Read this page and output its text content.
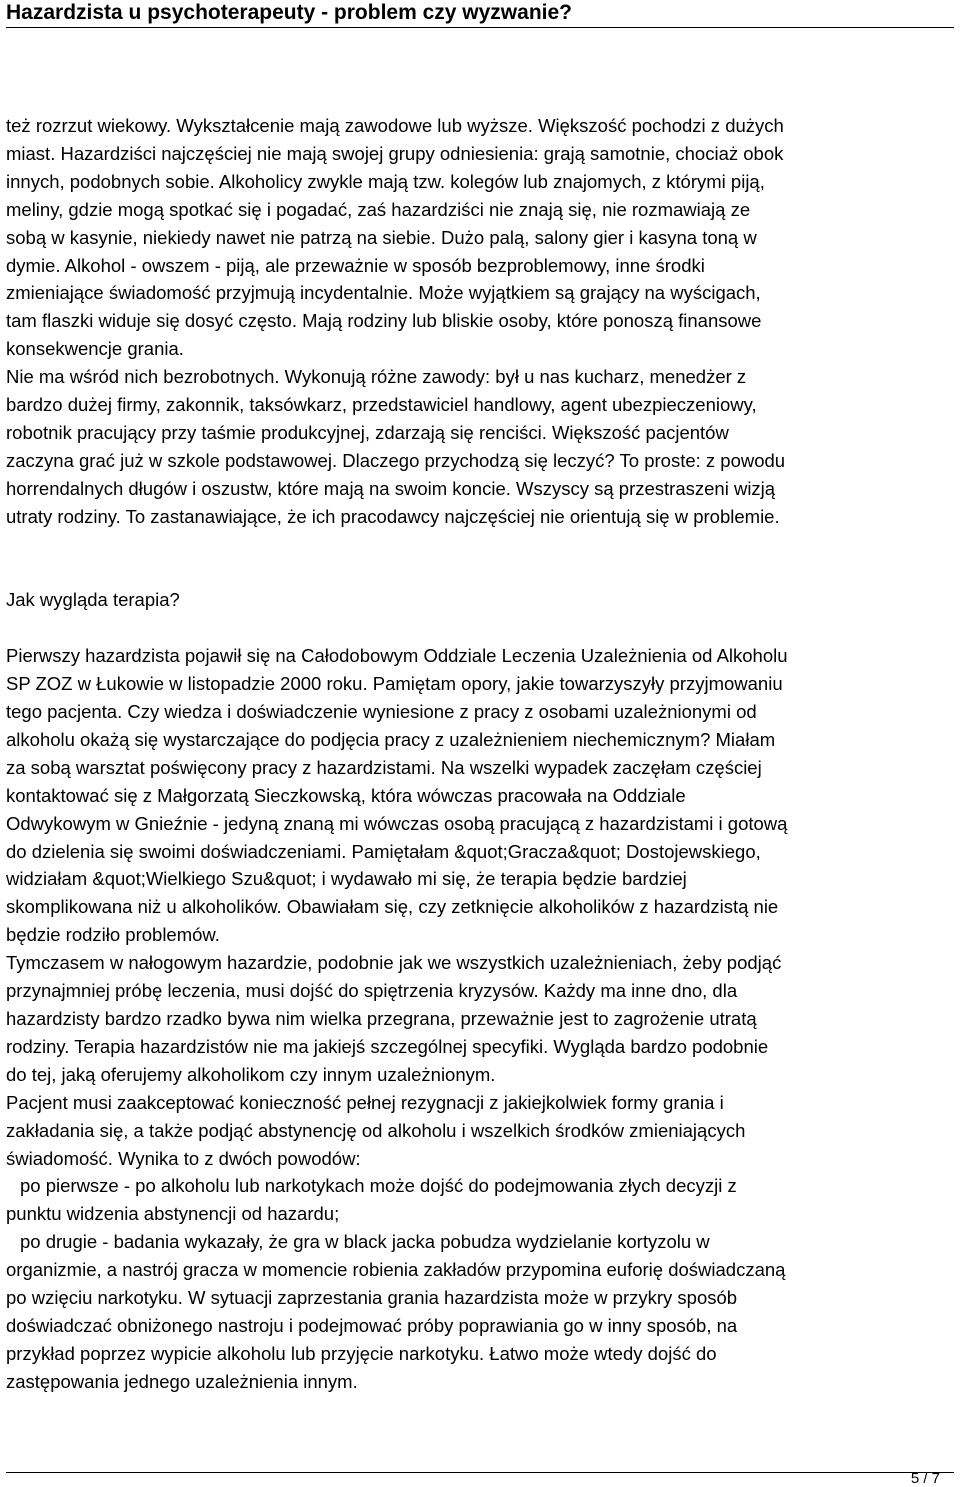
Hazardzista u psychoterapeuty - problem czy wyzwanie?

też rozrzut wiekowy. Wykształcenie mają zawodowe lub wyższe. Większość pochodzi z dużych

miast. Hazardziści najczęściej nie mają swojej grupy odniesienia: grają samotnie, chociaż obok

innych, podobnych sobie. Alkoholicy zwykle mają tzw. kolegów lub znajomych, z którymi piją,

meliny, gdzie mogą spotkać się i pogadać, zaś hazardziści nie znają się, nie rozmawiają ze

sobą w kasynie, niekiedy nawet nie patrzą na siebie. Dużo palą, salony gier i kasyna toną w

dymie. Alkohol - owszem - piją, ale przeważnie w sposób bezproblemowy, inne środki

zmieniające świadomość przyjmują incydentalnie. Może wyjątkiem są grający na wyścigach,

tam flaszki widuje się dosyć często. Mają rodziny lub bliskie osoby, które ponoszą finansowe

konsekwencje grania.

Nie ma wśród nich bezrobotnych. Wykonują różne zawody: był u nas kucharz, menedżer z

bardzo dużej firmy, zakonnik, taksówkarz, przedstawiciel handlowy, agent ubezpieczeniowy,

robotnik pracujący przy taśmie produkcyjnej, zdarzają się renciści. Większość pacjentów

zaczyna grać już w szkole podstawowej. Dlaczego przychodzą się leczyć? To proste: z powodu

horrendalnych długów i oszustw, które mają na swoim koncie. Wszyscy są przestraszeni wizją

utraty rodziny. To zastanawiające, że ich pracodawcy najczęściej nie orientują się w problemie.

Jak wygląda terapia?

Pierwszy hazardzista pojawił się na Całodobowym Oddziale Leczenia Uzależnienia od Alkoholu

SP ZOZ w Łukowie w listopadzie 2000 roku. Pamiętam opory, jakie towarzyszyły przyjmowaniu

tego pacjenta. Czy wiedza i doświadczenie wyniesione z pracy z osobami uzależnionymi od

alkoholu okażą się wystarczające do podjęcia pracy z uzależnieniem niechemicznym? Miałam

za sobą warsztat poświęcony pracy z hazardzistami. Na wszelki wypadek zaczęłam częściej

kontaktować się z Małgorzatą Sieczkowską, która wówczas pracowała na Oddziale

Odwykowym w Gnieźnie - jedyną znaną mi wówczas osobą pracującą z hazardzistami i gotową

do dzielenia się swoimi doświadczeniami. Pamiętałam &quot;Gracza&quot; Dostojewskiego,

widziałam &quot;Wielkiego Szu&quot; i wydawało mi się, że terapia będzie bardziej

skomplikowana niż u alkoholików. Obawiałam się, czy zetknięcie alkoholików z hazardzistą nie

będzie rodziło problemów.

Tymczasem w nałogowym hazardzie, podobnie jak we wszystkich uzależnieniach, żeby podjąć

przynajmniej próbę leczenia, musi dojść do spiętrzenia kryzysów. Każdy ma inne dno, dla

hazardzisty bardzo rzadko bywa nim wielka przegrana, przeważnie jest to zagrożenie utratą

rodziny. Terapia hazardzistów nie ma jakiejś szczególnej specyfiki. Wygląda bardzo podobnie

do tej, jaką oferujemy alkoholikom czy innym uzależnionym.

Pacjent musi zaakceptować konieczność pełnej rezygnacji z jakiejkolwiek formy grania i

zakładania się, a także podjąć abstynencję od alkoholu i wszelkich środków zmieniających

świadomość. Wynika to z dwóch powodów:

po pierwsze - po alkoholu lub narkotykach może dojść do podejmowania złych decyzji z

punktu widzenia abstynencji od hazardu;

po drugie - badania wykazały, że gra w black jacka pobudza wydzielanie kortyzolu w

organizmie, a nastrój gracza w momencie robienia zakładów przypomina euforię doświadczaną

po wzięciu narkotyku. W sytuacji zaprzestania grania hazardzista może w przykry sposób

doświadczać obniżonego nastroju i podejmować próby poprawiania go w inny sposób, na

przykład poprzez wypicie alkoholu lub przyjęcie narkotyku. Łatwo może wtedy dojść do

zastępowania jednego uzależnienia innym.

5 / 7
